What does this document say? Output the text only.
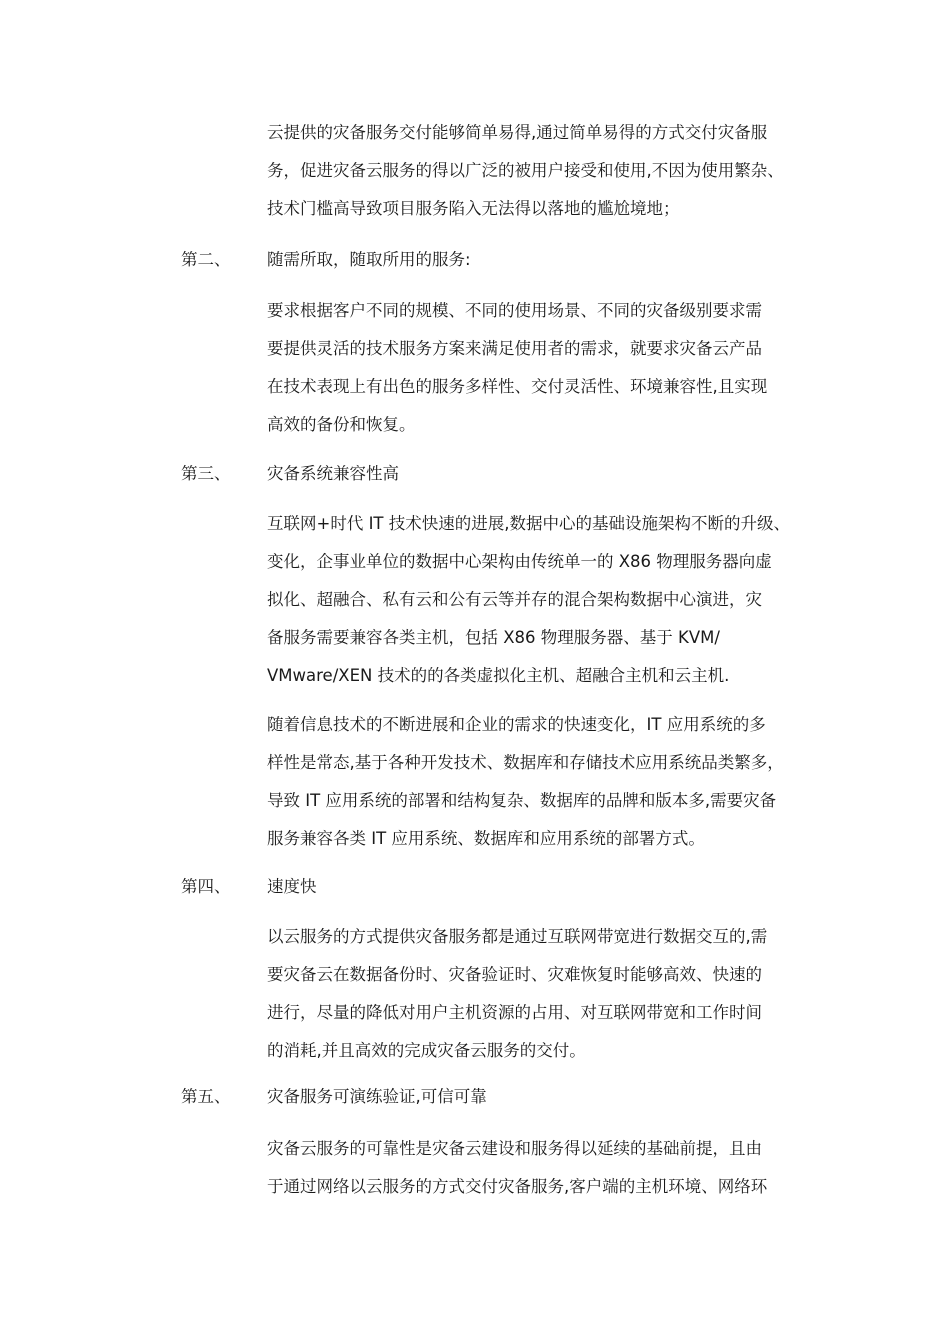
云提供的灾备服务交付能够简单易得,通过简单易得的方式交付灾备服
务，促进灾备云服务的得以广泛的被用户接受和使用,不因为使用繁杂、
技术门槛高导致项目服务陷入无法得以落地的尴尬境地；

第二、 随需所取，随取所用的服务:

要求根据客户不同的规模、不同的使用场景、不同的灾备级别要求需
要提供灵活的技术服务方案来满足使用者的需求，就要求灾备云产品
在技术表现上有出色的服务多样性、交付灵活性、环境兼容性,且实现
高效的备份和恢复。

第三、 灾备系统兼容性高

互联网+时代 IT 技术快速的进展,数据中心的基础设施架构不断的升级、
变化，企事业单位的数据中心架构由传统单一的 X86 物理服务器向虚
拟化、超融合、私有云和公有云等并存的混合架构数据中心演进，灾
备服务需要兼容各类主机，包括 X86 物理服务器、基于 KVM/
VMware/XEN 技术的的各类虚拟化主机、超融合主机和云主机.

随着信息技术的不断进展和企业的需求的快速变化，IT 应用系统的多
样性是常态,基于各种开发技术、数据库和存储技术应用系统品类繁多，
导致 IT 应用系统的部署和结构复杂、数据库的品牌和版本多,需要灾备
服务兼容各类 IT 应用系统、数据库和应用系统的部署方式。

第四、 速度快

以云服务的方式提供灾备服务都是通过互联网带宽进行数据交互的,需
要灾备云在数据备份时、灾备验证时、灾难恢复时能够高效、快速的
进行，尽量的降低对用户主机资源的占用、对互联网带宽和工作时间
的消耗,并且高效的完成灾备云服务的交付。

第五、 灾备服务可演练验证,可信可靠

灾备云服务的可靠性是灾备云建设和服务得以延续的基础前提，且由
于通过网络以云服务的方式交付灾备服务,客户端的主机环境、网络环
